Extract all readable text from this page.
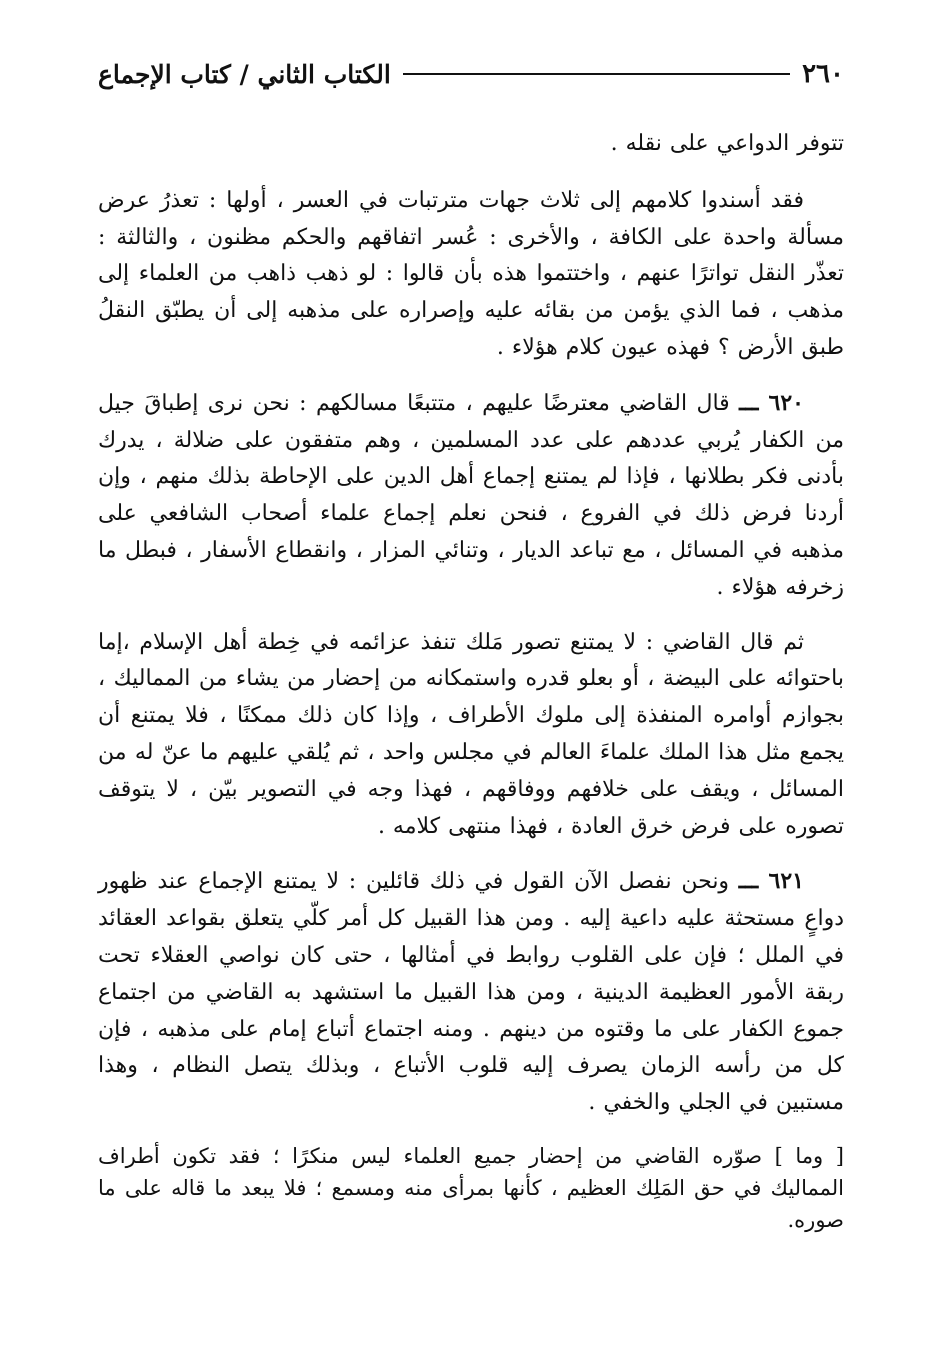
٢٦٠
الكتاب الثاني / كتاب الإجماع

تتوفر الدواعي على نقله .

فقد أسندوا كلامهم إلى ثلاث جهات مترتبات في العسر ، أولها : تعذرُ عرض مسألة واحدة على الكافة ، والأخرى : عُسر اتفاقهم والحكم مظنون ، والثالثة : تعذّر النقل تواترًا عنهم ، واختتموا هذه بأن قالوا : لو ذهب ذاهب من العلماء إلى مذهب ، فما الذي يؤمن من بقائه عليه وإصراره على مذهبه إلى أن يطبّق النقلُ طبق الأرض ؟ فهذه عيون كلام هؤلاء .

٦٢٠ ـــ قال القاضي معترضًا عليهم ، متتبعًا مسالكهم : نحن نرى إطباقَ جيل من الكفار يُربي عددهم على عدد المسلمين ، وهم متفقون على ضلالة ، يدرك بأدنى فكر بطلانها ، فإذا لم يمتنع إجماع أهل الدين على الإحاطة بذلك منهم ، وإن أردنا فرض ذلك في الفروع ، فنحن نعلم إجماع علماء أصحاب الشافعي على مذهبه في المسائل ، مع تباعد الديار ، وتنائي المزار ، وانقطاع الأسفار ، فبطل ما زخرفه هؤلاء .

ثم قال القاضي : لا يمتنع تصور مَلك تنفذ عزائمه في خِطة أهل الإسلام ،إما باحتوائه على البيضة ، أو بعلو قدره واستمكانه من إحضار من يشاء من المماليك ، بجوازم أوامره المنفذة إلى ملوك الأطراف ، وإذا كان ذلك ممكنًا ، فلا يمتنع أن يجمع مثل هذا الملك علماءَ العالم في مجلس واحد ، ثم يُلقي عليهم ما عنّ له من المسائل ، ويقف على خلافهم ووفاقهم ، فهذا وجه في التصوير بيّن ، لا يتوقف تصوره على فرض خرق العادة ، فهذا منتهى كلامه .

٦٢١ ـــ ونحن نفصل الآن القول في ذلك قائلين : لا يمتنع الإجماع عند ظهور دواعٍ مستحثة عليه داعية إليه . ومن هذا القبيل كل أمر كلّي يتعلق بقواعد العقائد في الملل ؛ فإن على القلوب روابط في أمثالها ، حتى كان نواصي العقلاء تحت ربقة الأمور العظيمة الدينية ، ومن هذا القبيل ما استشهد به القاضي من اجتماع جموع الكفار على ما وقتوه من دينهم . ومنه اجتماع أتباع إمام على مذهبه ، فإن كل من رأسه الزمان يصرف إليه قلوب الأتباع ، وبذلك يتصل النظام ، وهذا مستبين في الجلي والخفي .

[ وما ] صوّره القاضي من إحضار جميع العلماء ليس منكرًا ؛ فقد تكون أطراف المماليك في حق المَلِك العظيم ، كأنها بمرأى منه ومسمع ؛ فلا يبعد ما قاله على ما صوره.
